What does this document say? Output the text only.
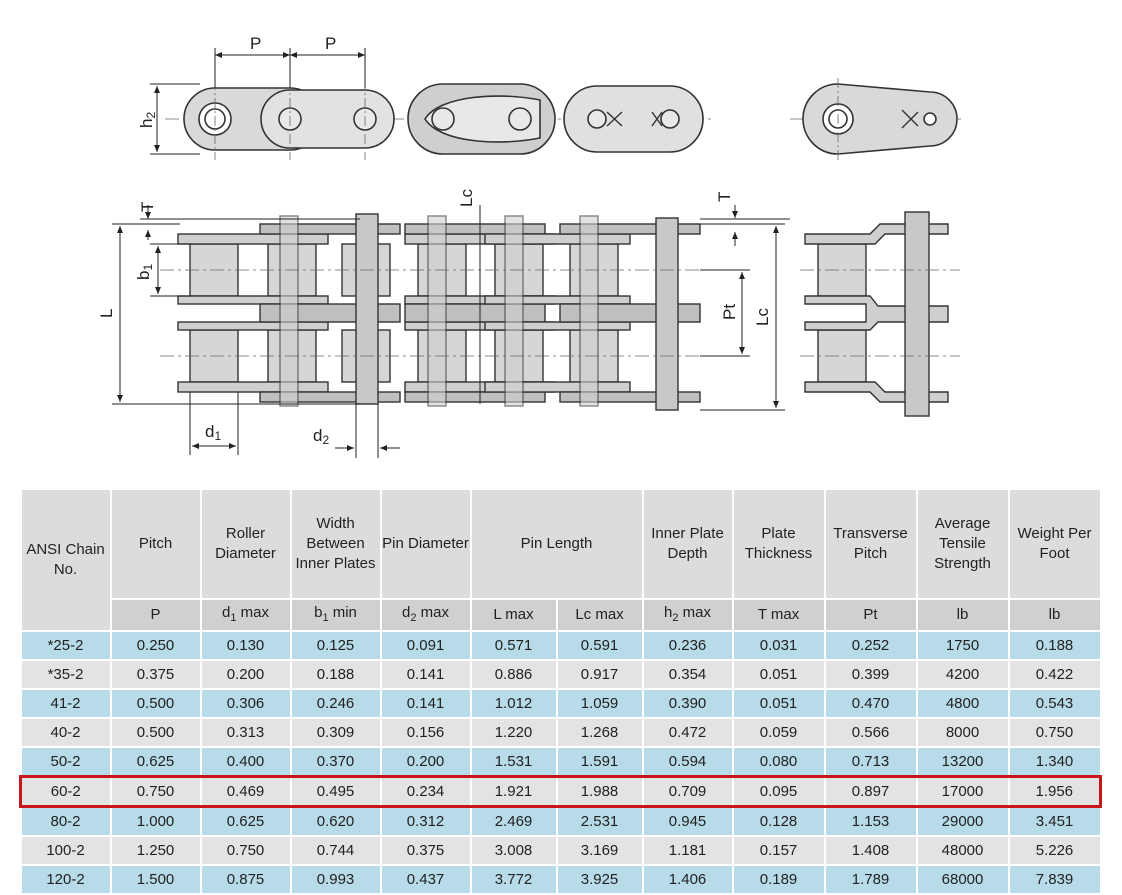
P	P
h2
T	Lc	T
L
b1
Pt Lc
d1	d2
ANSI Chain No.	Pitch	Roller Diameter	Width Between Inner Plates	Pin Diameter	Pin Length		Inner Plate Depth	Plate Thickness	Transverse Pitch	Average Tensile Strength	Weight Per Foot
	P	$d_1$ max	$b_1$ min	$d_2$ max	L max	Lc max	$h_2$ max	T max	Pt	lb	lb
*25-2	0.250	0.130	0.125	0.091	0.571	0.591	0.236	0.031	0.252	1750	0.188
*35-2	0.375	0.200	0.188	0.141	0.886	0.917	0.354	0.051	0.399	4200	0.422
41-2	0.500	0.306	0.246	0.141	1.012	1.059	0.390	0.051	0.470	4800	0.543
40-2	0.500	0.313	0.309	0.156	1.220	1.268	0.472	0.059	0.566	8000	0.750
50-2	0.625	0.400	0.370	0.200	1.531	1.591	0.594	0.080	0.713	13200	1.340
60-2	0.750	0.469	0.495	0.234	1.921	1.988	0.709	0.095	0.897	17000	1.956
80-2	1.000	0.625	0.620	0.312	2.469	2.531	0.945	0.128	1.153	29000	3.451
100-2	1.250	0.750	0.744	0.375	3.008	3.169	1.181	0.157	1.408	48000	5.226
120-2	1.500	0.875	0.993	0.437	3.772	3.925	1.406	0.189	1.789	68000	7.839
